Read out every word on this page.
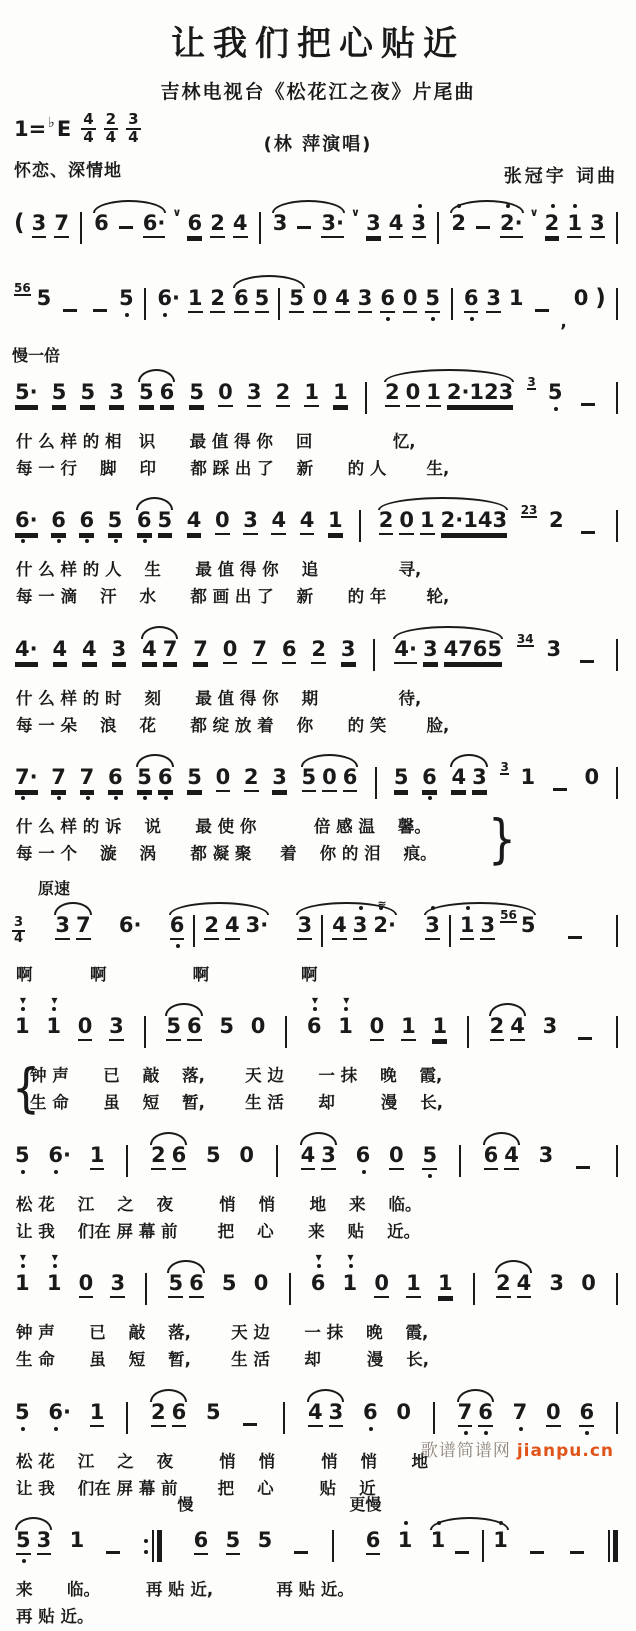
让我们把心贴近
吉林电视台《松花江之夜》片尾曲
1= ♭ E $\frac{4}{4} \frac{2}{4} \frac{3}{4}$
怀恋、深情地
(林 萍演唱)
张冠宇 词曲
( 3 7 6 6· ∨ 6 2 4 3 3· ∨ 3 4 3 2 2· ∨ 2 1 3
56 5	5 6· 1 2 6 5 5 0 4 3 6 0 5 6 3 1
,
0 )
慢一倍
5· 5 5 3 5 6 5 0 3 2 1 1 2 0 1 2·123 3 5
什 么 样 的 相   识      最 值 得 你    回              忆,
每 一 行    脚    印      都 踩 出 了    新      的 人       生,
6· 6 6 5 6 5 4 0 3 4 4 1 2 0 1 2·143 23 2
什 么 样 的 人    生      最 值 得 你    追              寻,
每 一 滴    汗    水      都 画 出 了    新      的 年       轮,
4· 4 4 3 4 7 7 0 7 6 2 3 4· 3 4765 34 3
什 么 样 的 时    刻      最 值 得 你    期              待,
每 一 朵    浪    花      都 绽 放 着    你      的 笑       脸,
7· 7 7 6 5 6 5 0 2 3 5 0 6 5 6 4 3 3 1 0
}
什 么 样 的 诉    说      最 使 你          倍 感 温    馨。
每 一 个    漩    涡      都 凝 聚     着    你 的 泪    痕。
原速
3
4
3 7 6· 6 2 4 3· 3 4 3 2·
≈
3 1 3 56 5
啊          啊               啊                啊
1
▼
1
▼
0 3 5 6 5 0 6
▼
1
▼
0 1 1 2 4 3
{
钟 声      已    敲    落,       天 边      一 抹    晚    霞,
生 命      虽    短    暂,       生 活      却        漫    长,
5 6· 1 2 6 5 0 4 3 6 0 5 6 4 3
松 花    江    之    夜        悄    悄      地    来    临。
让 我    们在 屏 幕 前       把    心      来    贴    近。
1
▼
1
▼
0 3 5 6 5 0 6
▼
1
▼
0 1 1 2 4 3 0
钟 声      已    敲    落,       天 边      一 抹    晚    霞,
生 命      虽    短    暂,       生 活      却        漫    长,
5 6· 1 2 6 5	4 3 6 0 7 6 7 0 6
松 花    江    之    夜        悄    悄        悄    悄      地
让 我    们在 屏 幕 前       把    心        贴    近
5 3 1
慢
6 5 5
更慢
6 1 1 1
来      临。        再 贴 近,           再 贴 近。
再 贴 近。
歌谱简谱网 jianpu.cn
